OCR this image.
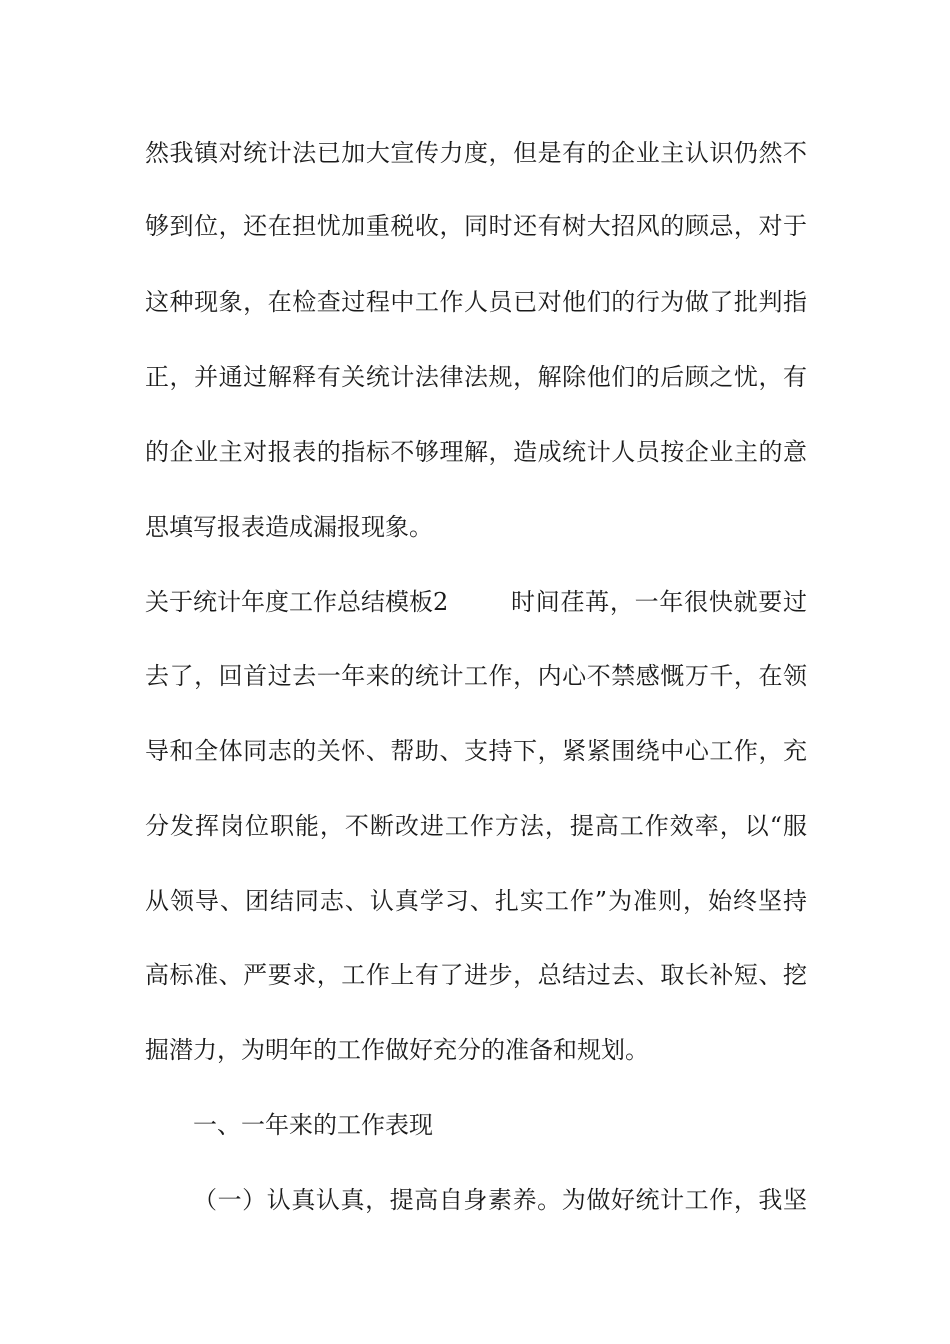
然我镇对统计法已加大宣传力度，但是有的企业主认识仍然不
够到位，还在担忧加重税收，同时还有树大招风的顾忌，对于
这种现象，在检查过程中工作人员已对他们的行为做了批判指
正，并通过解释有关统计法律法规，解除他们的后顾之忧，有
的企业主对报表的指标不够理解，造成统计人员按企业主的意
思填写报表造成漏报现象。
关于统计年度工作总结模板2	时间荏苒，一年很快就要过
去了，回首过去一年来的统计工作，内心不禁感慨万千，在领
导和全体同志的关怀、帮助、支持下，紧紧围绕中心工作，充
分发挥岗位职能，不断改进工作方法，提高工作效率，以“服
从领导、团结同志、认真学习、扎实工作”为准则，始终坚持
高标准、严要求，工作上有了进步，总结过去、取长补短、挖
掘潜力，为明年的工作做好充分的准备和规划。
一、一年来的工作表现
（一）认真认真，提高自身素养。为做好统计工作，我坚
